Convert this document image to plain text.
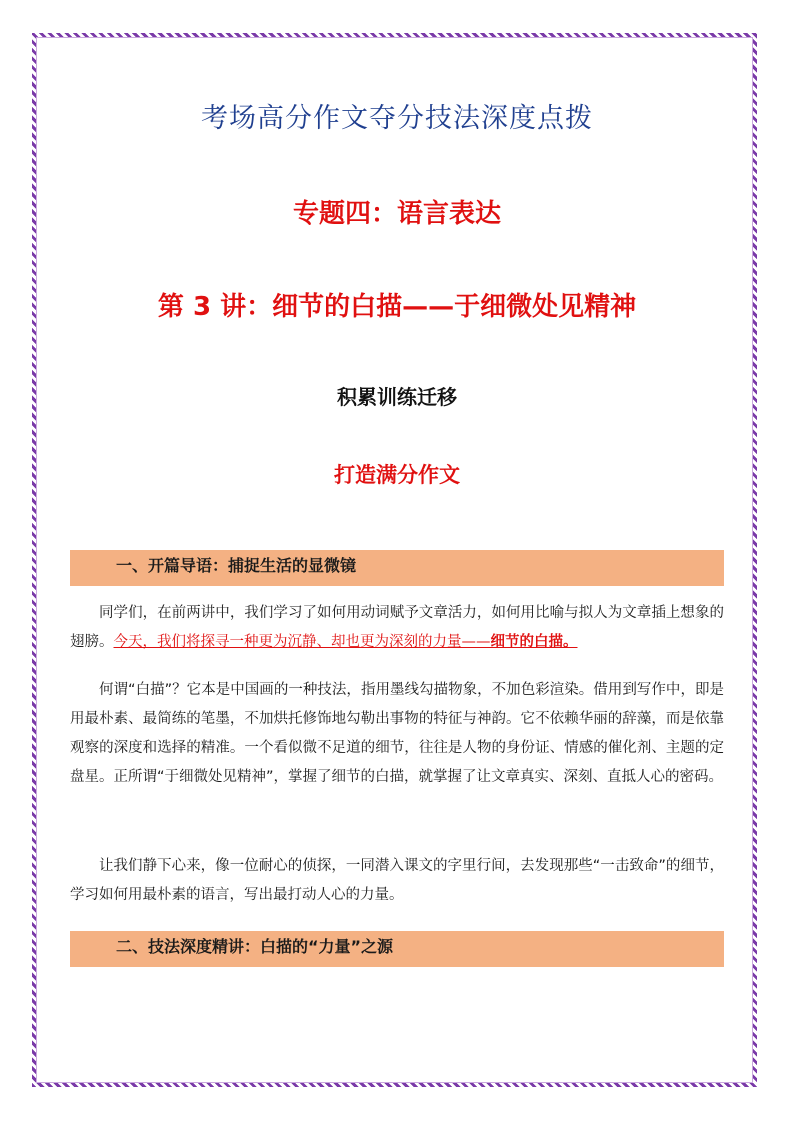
考场高分作文夺分技法深度点拨
专题四：语言表达
第 3 讲：细节的白描——于细微处见精神
积累训练迁移
打造满分作文
一、开篇导语：捕捉生活的显微镜
同学们，在前两讲中，我们学习了如何用动词赋予文章活力，如何用比喻与拟人为文章插上想象的翅膀。今天，我们将探寻一种更为沉静、却也更为深刻的力量——细节的白描。
何谓“白描”？它本是中国画的一种技法，指用墨线勾描物象，不加色彩渲染。借用到写作中，即是用最朴素、最简练的笔墨，不加烘托修饰地勾勒出事物的特征与神韵。它不依赖华丽的辞藻，而是依靠观察的深度和选择的精准。一个看似微不足道的细节，往往是人物的身份证、情感的催化剂、主题的定盘星。正所谓“于细微处见精神”，掌握了细节的白描，就掌握了让文章真实、深刻、直抵人心的密码。
让我们静下心来，像一位耐心的侦探，一同潜入课文的字里行间，去发现那些“一击致命”的细节，学习如何用最朴素的语言，写出最打动人心的力量。
二、技法深度精讲：白描的“力量”之源
